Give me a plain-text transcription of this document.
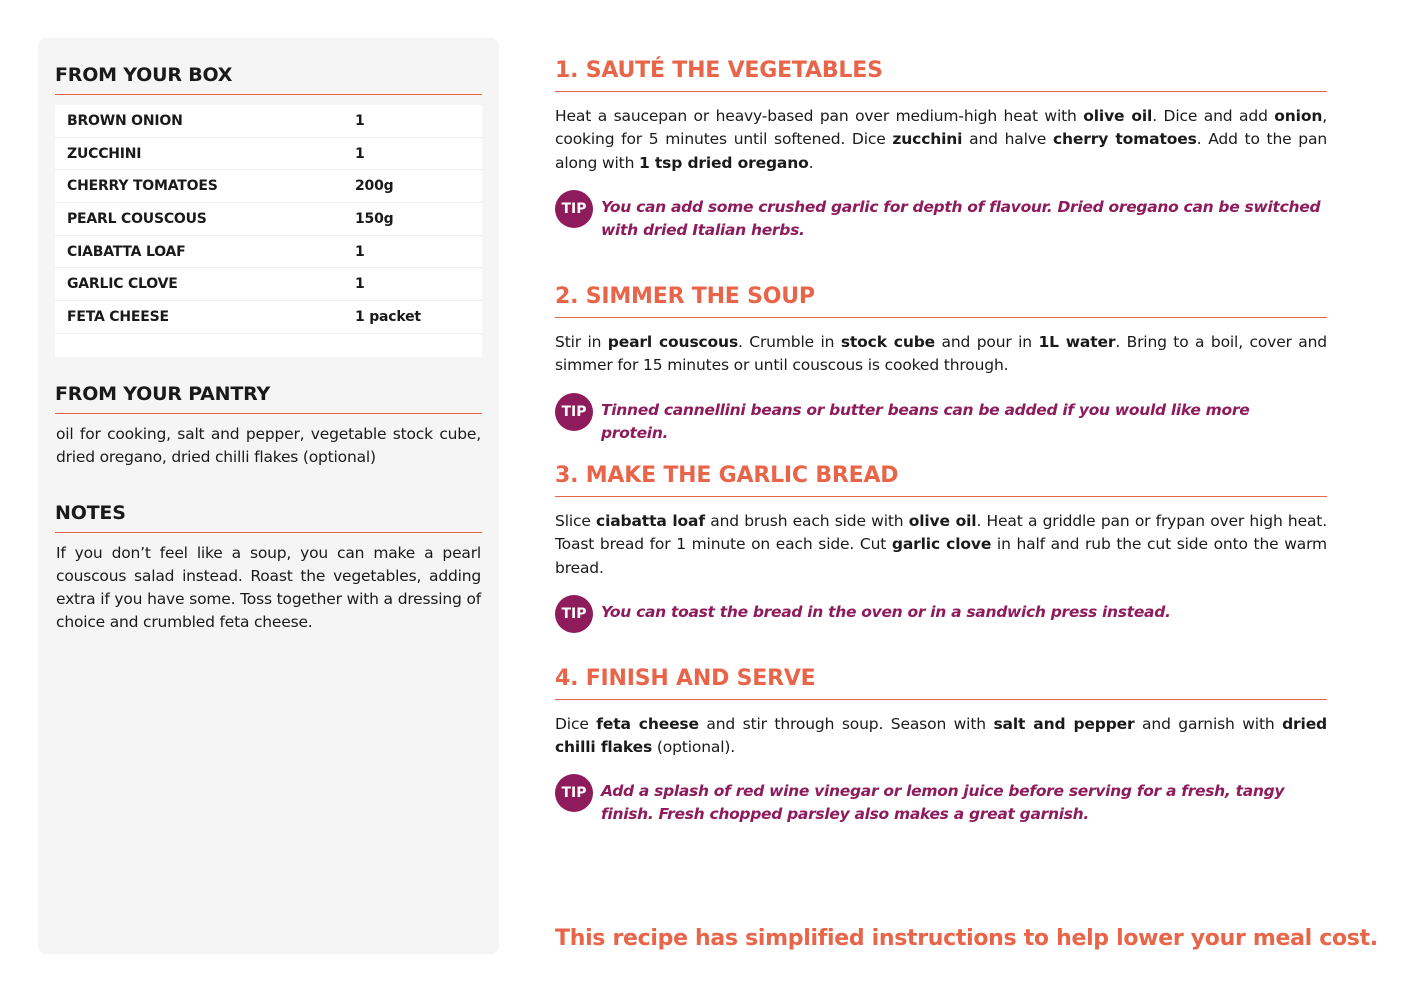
FROM YOUR BOX
BROWN ONION	1
ZUCCHINI	1
CHERRY TOMATOES	200g
PEARL COUSCOUS	150g
CIABATTA LOAF	1
GARLIC CLOVE	1
FETA CHEESE	1 packet
FROM YOUR PANTRY
oil for cooking, salt and pepper, vegetable stock cube, dried oregano, dried chilli flakes (optional)
NOTES
If you don’t feel like a soup, you can make a pearl couscous salad instead. Roast the vegetables, adding extra if you have some. Toss together with a dressing of choice and crumbled feta cheese.
1. SAUTÉ THE VEGETABLES
Heat a saucepan or heavy-based pan over medium-high heat with olive oil. Dice and add onion, cooking for 5 minutes until softened. Dice zucchini and halve cherry tomatoes. Add to the pan along with 1 tsp dried oregano.
TIP You can add some crushed garlic for depth of flavour. Dried oregano can be switched with dried Italian herbs.
2. SIMMER THE SOUP
Stir in pearl couscous. Crumble in stock cube and pour in 1L water. Bring to a boil, cover and simmer for 15 minutes or until couscous is cooked through.
TIP Tinned cannellini beans or butter beans can be added if you would like more protein.
3. MAKE THE GARLIC BREAD
Slice ciabatta loaf and brush each side with olive oil. Heat a griddle pan or frypan over high heat. Toast bread for 1 minute on each side. Cut garlic clove in half and rub the cut side onto the warm bread.
TIP You can toast the bread in the oven or in a sandwich press instead.
4. FINISH AND SERVE
Dice feta cheese and stir through soup. Season with salt and pepper and garnish with dried chilli flakes (optional).
TIP Add a splash of red wine vinegar or lemon juice before serving for a fresh, tangy finish. Fresh chopped parsley also makes a great garnish.
This recipe has simplified instructions to help lower your meal cost.
